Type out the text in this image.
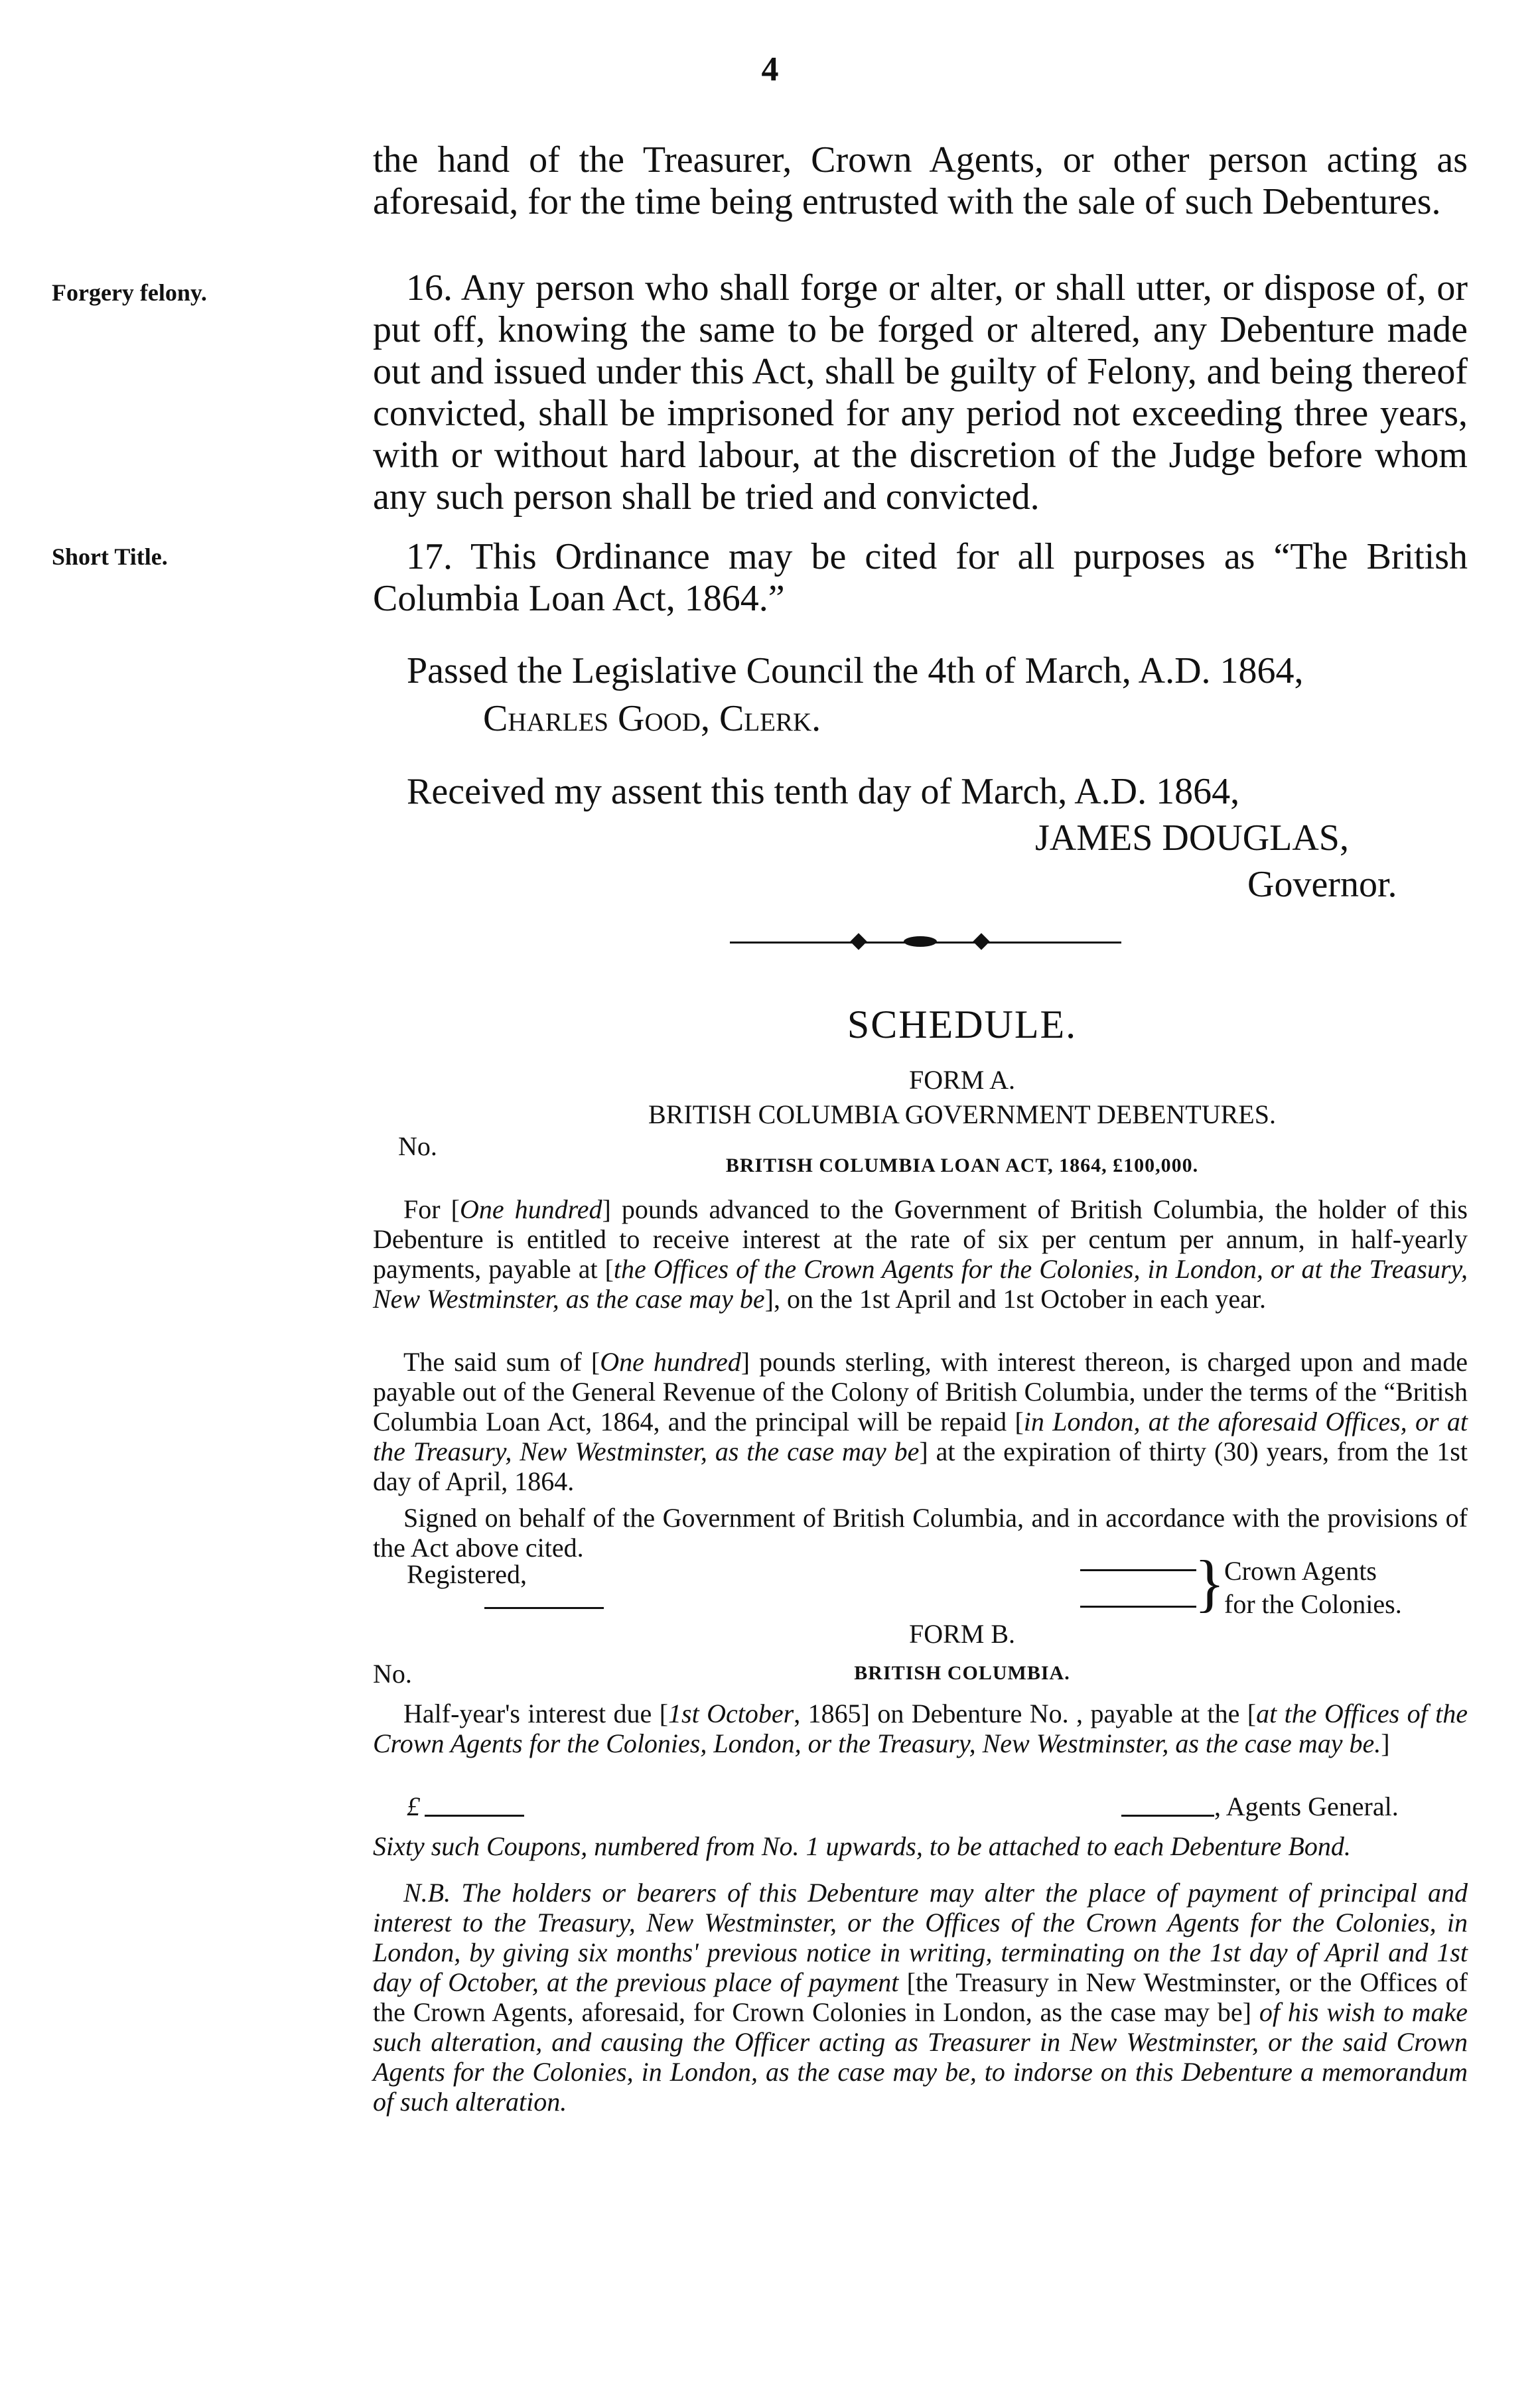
4
Forgery felony.
Short Title.

the hand of the Treasurer, Crown Agents, or other person acting as aforesaid, for the time being entrusted with the sale of such Debentures.

16. Any person who shall forge or alter, or shall utter, or dispose of, or put off, knowing the same to be forged or altered, any Debenture made out and issued under this Act, shall be guilty of Felony, and being thereof convicted, shall be imprisoned for any period not exceeding three years, with or without hard labour, at the discretion of the Judge before whom any such person shall be tried and convicted.

17. This Ordinance may be cited for all purposes as “The British Columbia Loan Act, 1864.”

Passed the Legislative Council the 4th of March, A.D. 1864,
Charles Good, Clerk.
Received my assent this tenth day of March, A.D. 1864,
JAMES DOUGLAS,
Governor.
SCHEDULE.
FORM A.
BRITISH COLUMBIA GOVERNMENT DEBENTURES.
No.
BRITISH COLUMBIA LOAN ACT, 1864, £100,000.

For [One hundred] pounds advanced to the Government of British Columbia, the holder of this Debenture is entitled to receive interest at the rate of six per centum per annum, in half-yearly payments, payable at [the Offices of the Crown Agents for the Colonies, in London, or at the Treasury, New Westminster, as the case may be], on the 1st April and 1st October in each year.

The said sum of [One hundred] pounds sterling, with interest thereon, is charged upon and made payable out of the General Revenue of the Colony of British Columbia, under the terms of the “British Columbia Loan Act, 1864, and the principal will be repaid [in London, at the aforesaid Offices, or at the Treasury, New Westminster, as the case may be] at the expiration of thirty (30) years, from the 1st day of April, 1864.

Signed on behalf of the Government of British Columbia, and in accordance with the provisions of the Act above cited.

Registered,	}
Crown Agents
for the Colonies.
FORM B.
No.	BRITISH COLUMBIA.

Half-year's interest due [1st October, 1865] on Debenture No. , payable at the [at the Offices of the Crown Agents for the Colonies, London, or the Treasury, New Westminster, as the case may be.]

£	, Agents General.

Sixty such Coupons, numbered from No. 1 upwards, to be attached to each Debenture Bond.

N.B. The holders or bearers of this Debenture may alter the place of payment of principal and interest to the Treasury, New Westminster, or the Offices of the Crown Agents for the Colonies, in London, by giving six months' previous notice in writing, terminating on the 1st day of April and 1st day of October, at the previous place of payment [the Treasury in New Westminster, or the Offices of the Crown Agents, aforesaid, for Crown Colonies in London, as the case may be] of his wish to make such alteration, and causing the Officer acting as Treasurer in New Westminster, or the said Crown Agents for the Colonies, in London, as the case may be, to indorse on this Debenture a memorandum of such alteration.
